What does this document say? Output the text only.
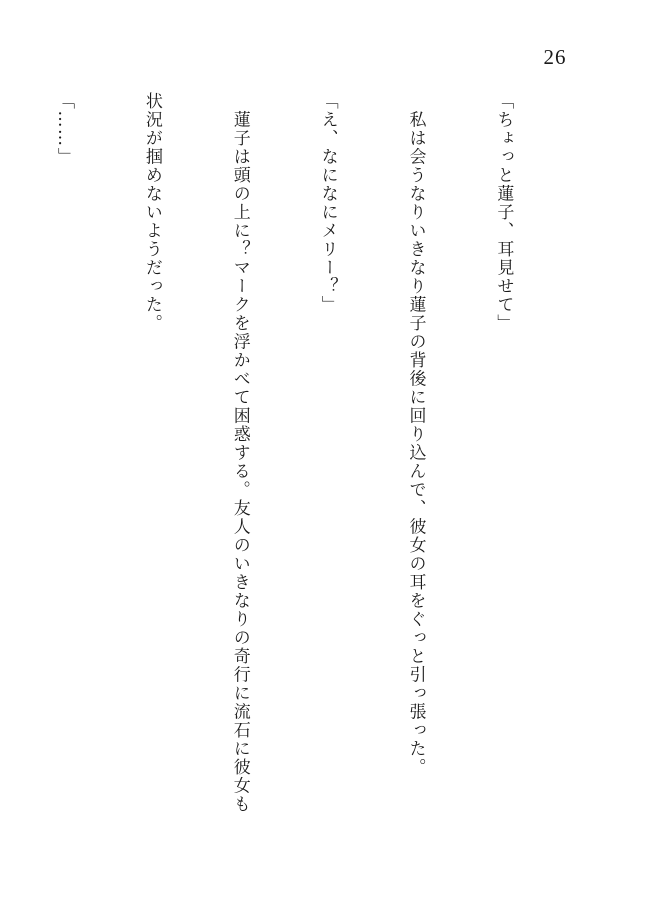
26

「ちょっと蓮子、耳見せて」

　私は会うなりいきなり蓮子の背後に回り込んで、彼女の耳をぐっと引っ張った。

「え、なになにメリー？」

　蓮子は頭の上に？マークを浮かべて困惑する。友人のいきなりの奇行に流石に彼女も

状況が掴めないようだった。

「……」
